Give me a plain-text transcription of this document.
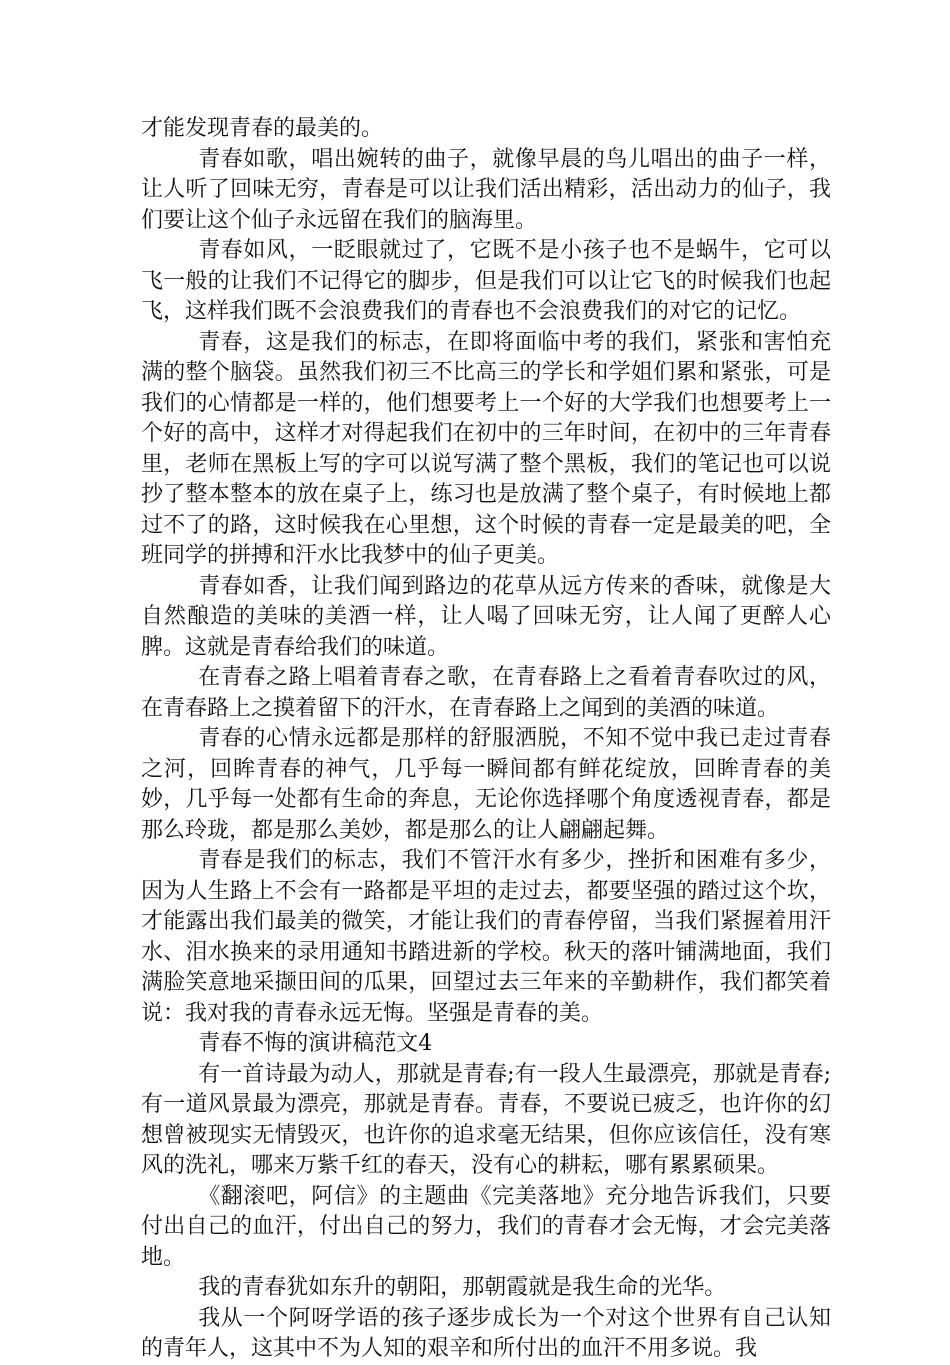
才能发现青春的最美的。

青春如歌，唱出婉转的曲子，就像早晨的鸟儿唱出的曲子一样，让人听了回味无穷，青春是可以让我们活出精彩，活出动力的仙子，我们要让这个仙子永远留在我们的脑海里。

青春如风，一眨眼就过了，它既不是小孩子也不是蜗牛，它可以飞一般的让我们不记得它的脚步，但是我们可以让它飞的时候我们也起飞，这样我们既不会浪费我们的青春也不会浪费我们的对它的记忆。

青春，这是我们的标志，在即将面临中考的我们，紧张和害怕充满的整个脑袋。虽然我们初三不比高三的学长和学姐们累和紧张，可是我们的心情都是一样的，他们想要考上一个好的大学我们也想要考上一个好的高中，这样才对得起我们在初中的三年时间，在初中的三年青春里，老师在黑板上写的字可以说写满了整个黑板，我们的笔记也可以说抄了整本整本的放在桌子上，练习也是放满了整个桌子，有时候地上都过不了的路，这时候我在心里想，这个时候的青春一定是最美的吧，全班同学的拼搏和汗水比我梦中的仙子更美。

青春如香，让我们闻到路边的花草从远方传来的香味，就像是大自然酿造的美味的美酒一样，让人喝了回味无穷，让人闻了更醉人心脾。这就是青春给我们的味道。

在青春之路上唱着青春之歌，在青春路上之看着青春吹过的风，在青春路上之摸着留下的汗水，在青春路上之闻到的美酒的味道。

青春的心情永远都是那样的舒服洒脱，不知不觉中我已走过青春之河，回眸青春的神气，几乎每一瞬间都有鲜花绽放，回眸青春的美妙，几乎每一处都有生命的奔息，无论你选择哪个角度透视青春，都是那么玲珑，都是那么美妙，都是那么的让人翩翩起舞。

青春是我们的标志，我们不管汗水有多少，挫折和困难有多少，因为人生路上不会有一路都是平坦的走过去，都要坚强的踏过这个坎，才能露出我们最美的微笑，才能让我们的青春停留，当我们紧握着用汗水、泪水换来的录用通知书踏进新的学校。秋天的落叶铺满地面，我们满脸笑意地采撷田间的瓜果，回望过去三年来的辛勤耕作，我们都笑着说：我对我的青春永远无悔。坚强是青春的美。

青春不悔的演讲稿范文4

有一首诗最为动人，那就是青春;有一段人生最漂亮，那就是青春;有一道风景最为漂亮，那就是青春。青春，不要说已疲乏，也许你的幻想曾被现实无情毁灭，也许你的追求毫无结果，但你应该信任，没有寒风的洗礼，哪来万紫千红的春天，没有心的耕耘，哪有累累硕果。

《翻滚吧，阿信》的主题曲《完美落地》充分地告诉我们，只要付出自己的血汗，付出自己的努力，我们的青春才会无悔，才会完美落地。

我的青春犹如东升的朝阳，那朝霞就是我生命的光华。

我从一个阿呀学语的孩子逐步成长为一个对这个世界有自己认知的青年人，这其中不为人知的艰辛和所付出的血汗不用多说。我
